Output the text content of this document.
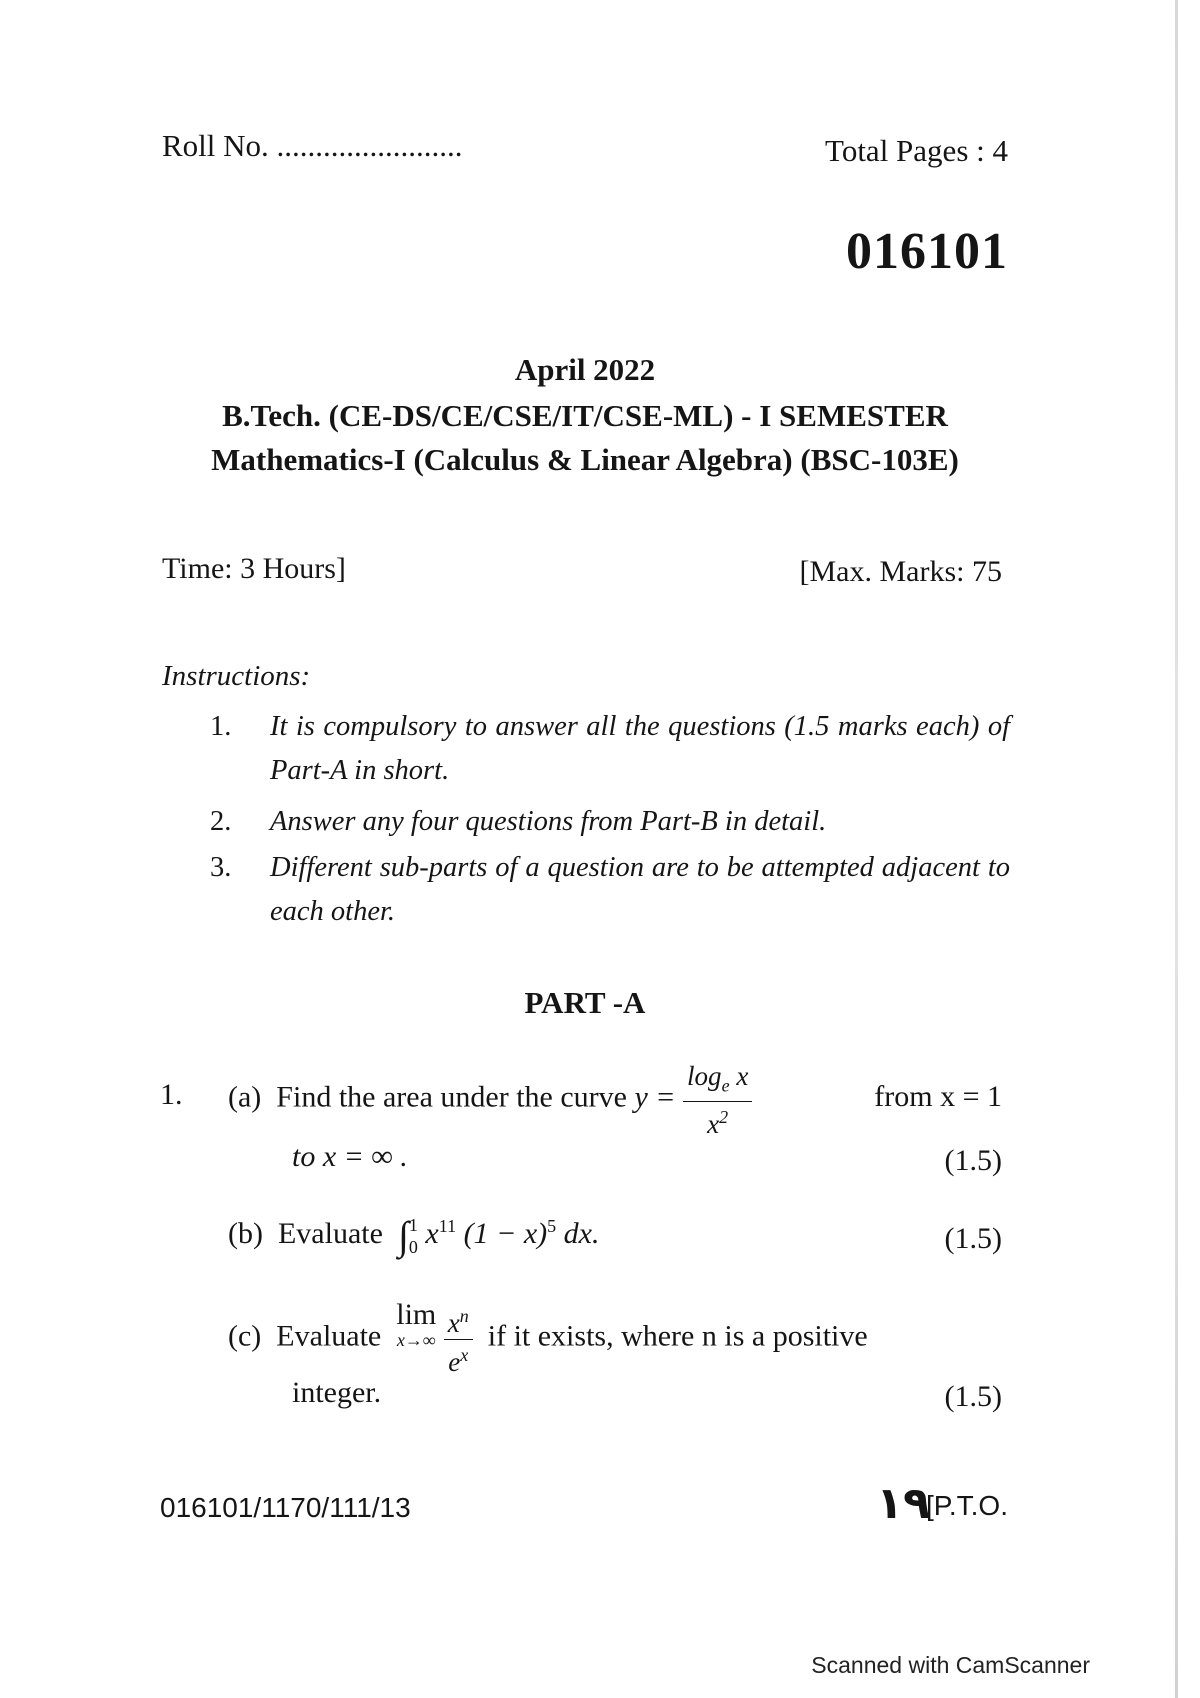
Roll No. ........................	Total Pages : 4
016101
April 2022
B.Tech. (CE-DS/CE/CSE/IT/CSE-ML) - I SEMESTER
Mathematics-I (Calculus & Linear Algebra) (BSC-103E)
Time: 3 Hours]	[Max. Marks: 75
Instructions:
1.	It is compulsory to answer all the questions (1.5 marks each) of Part-A in short.
2.	Answer any four questions from Part-B in detail.
3.	Different sub-parts of a question are to be attempted adjacent to each other.
PART -A
1. (a) Find the area under the curve $y = \frac{\log_e x}{x^2}$	from x = 1
to x = ∞ .	(1.5)
(b) Evaluate ∫ 1
0 $x^{11}$ $(1 - x)^5$ dx.	(1.5)
(c) Evaluate  lim
x→∞
$\frac{x^n}{e^x}$ if it exists, where n is a positive
integer.	(1.5)
016101/1170/111/13	۱۹
[P.T.O.
Scanned with CamScanner
